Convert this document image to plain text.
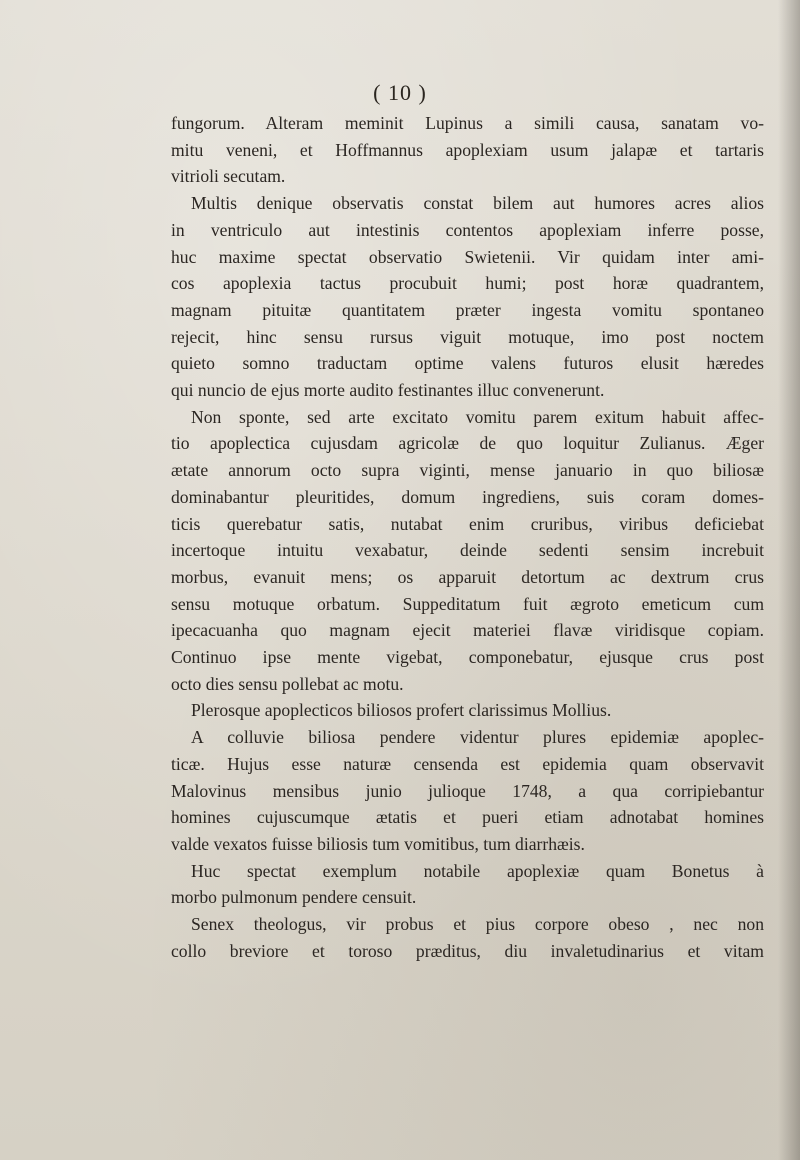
( 10 )

fungorum. Alteram meminit Lupinus a simili causa, sanatam vo-
mitu veneni, et Hoffmannus apoplexiam usum jalapæ et tartaris
vitrioli secutam.

Multis denique observatis constat bilem aut humores acres alios
in ventriculo aut intestinis contentos apoplexiam inferre posse,
huc maxime spectat observatio Swietenii. Vir quidam inter ami-
cos apoplexia tactus procubuit humi; post horæ quadrantem,
magnam pituitæ quantitatem præter ingesta vomitu spontaneo
rejecit, hinc sensu rursus viguit motuque, imo post noctem
quieto somno traductam optime valens futuros elusit hæredes
qui nuncio de ejus morte audito festinantes illuc convenerunt.

Non sponte, sed arte excitato vomitu parem exitum habuit affec-
tio apoplectica cujusdam agricolæ de quo loquitur Zulianus. Æger
ætate annorum octo supra viginti, mense januario in quo biliosæ
dominabantur pleuritides, domum ingrediens, suis coram domes-
ticis querebatur satis, nutabat enim cruribus, viribus deficiebat
incertoque intuitu vexabatur, deinde sedenti sensim increbuit
morbus, evanuit mens; os apparuit detortum ac dextrum crus
sensu motuque orbatum. Suppeditatum fuit ægroto emeticum cum
ipecacuanha quo magnam ejecit materiei flavæ viridisque copiam.
Continuo ipse mente vigebat, componebatur, ejusque crus post
octo dies sensu pollebat ac motu.

Plerosque apoplecticos biliosos profert clarissimus Mollius.

A colluvie biliosa pendere videntur plures epidemiæ apoplec-
ticæ. Hujus esse naturæ censenda est epidemia quam observavit
Malovinus mensibus junio julioque 1748, a qua corripiebantur
homines cujuscumque ætatis et pueri etiam adnotabat homines
valde vexatos fuisse biliosis tum vomitibus, tum diarrhæis.

Huc spectat exemplum notabile apoplexiæ quam Bonetus à
morbo pulmonum pendere censuit.

Senex theologus, vir probus et pius corpore obeso , nec non
collo breviore et toroso præditus, diu invaletudinarius et vitam
